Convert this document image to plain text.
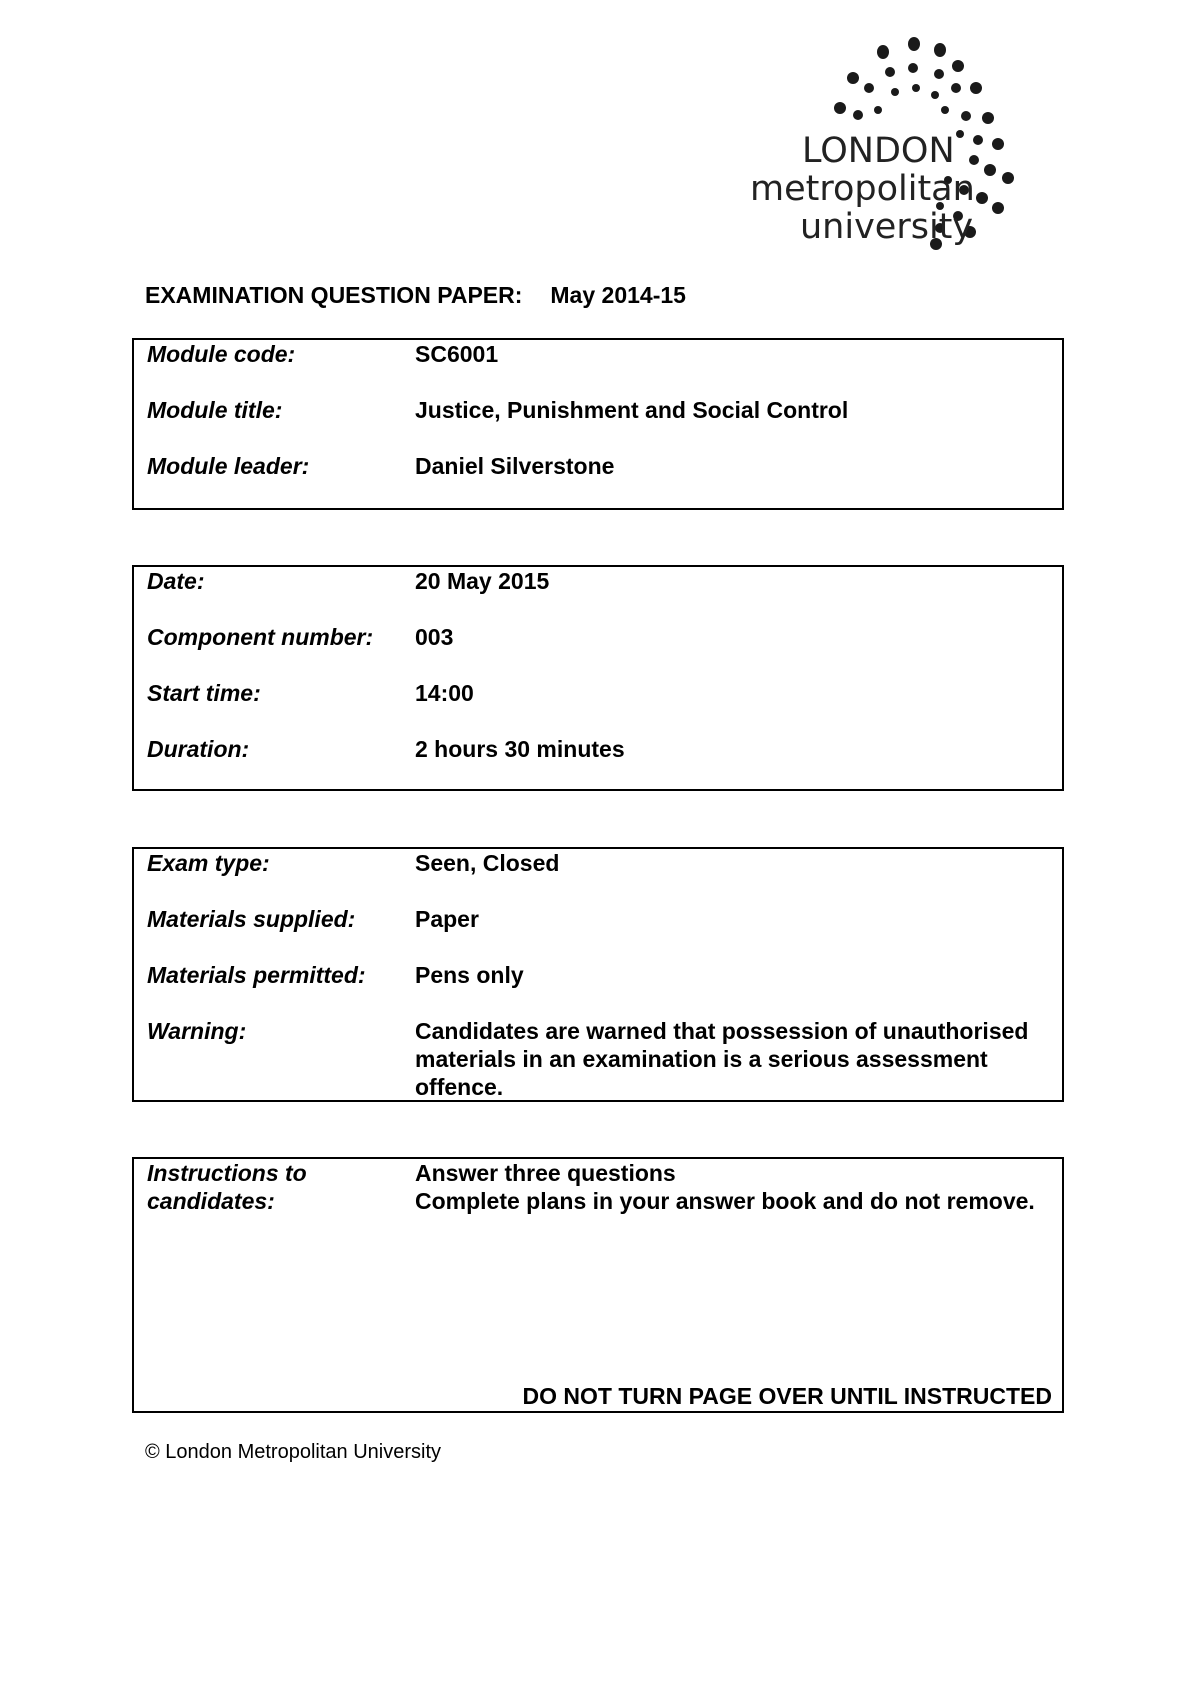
LONDON
metropolitan
university
EXAMINATION QUESTION PAPER: May 2014-15
Module code:	SC6001
Module title:	Justice, Punishment and Social Control
Module leader:	Daniel Silverstone
Date:	20 May 2015
Component number:	003
Start time:	14:00
Duration:	2 hours 30 minutes
Exam type:	Seen, Closed
Materials supplied:	Paper
Materials permitted:	Pens only
Warning:	Candidates are warned that possession of unauthorised materials in an examination is a serious assessment offence.
Instructions to
candidates:
Answer three questions
Complete plans in your answer book and do not remove.
DO NOT TURN PAGE OVER UNTIL INSTRUCTED
© London Metropolitan University
